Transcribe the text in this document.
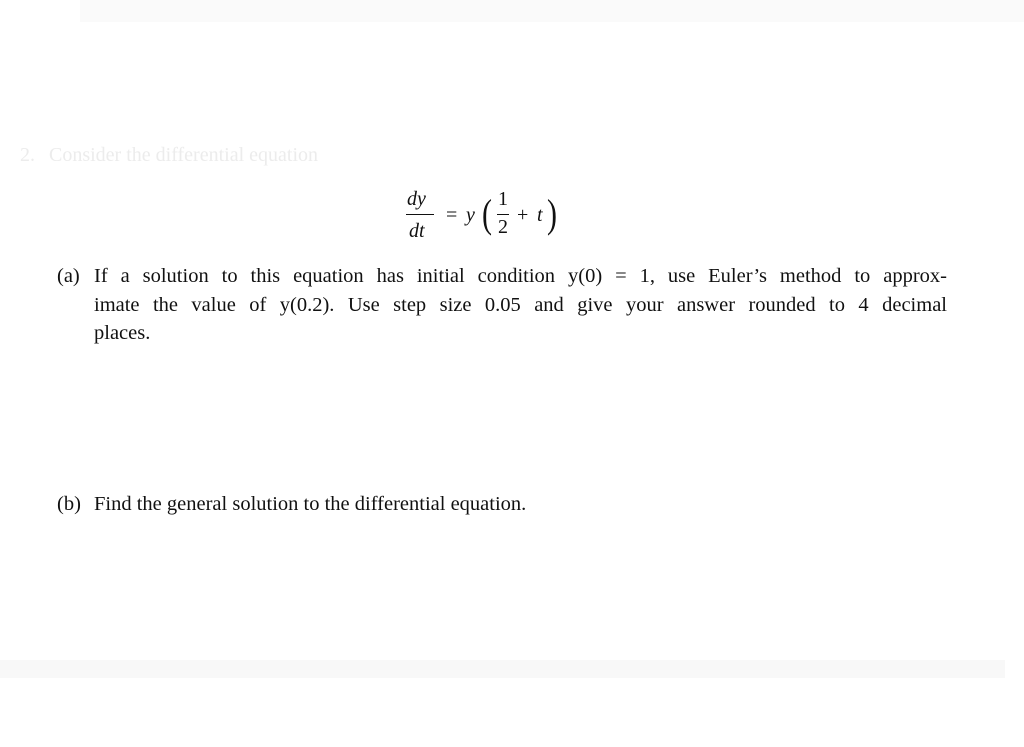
2. Consider the differential equation
dy
dt
= y ( 1
2
+ t )
(a) If a solution to this equation has initial condition y(0) = 1, use Euler’s method to approx-
imate the value of y(0.2). Use step size 0.05 and give your answer rounded to 4 decimal
places.
(b) Find the general solution to the differential equation.
